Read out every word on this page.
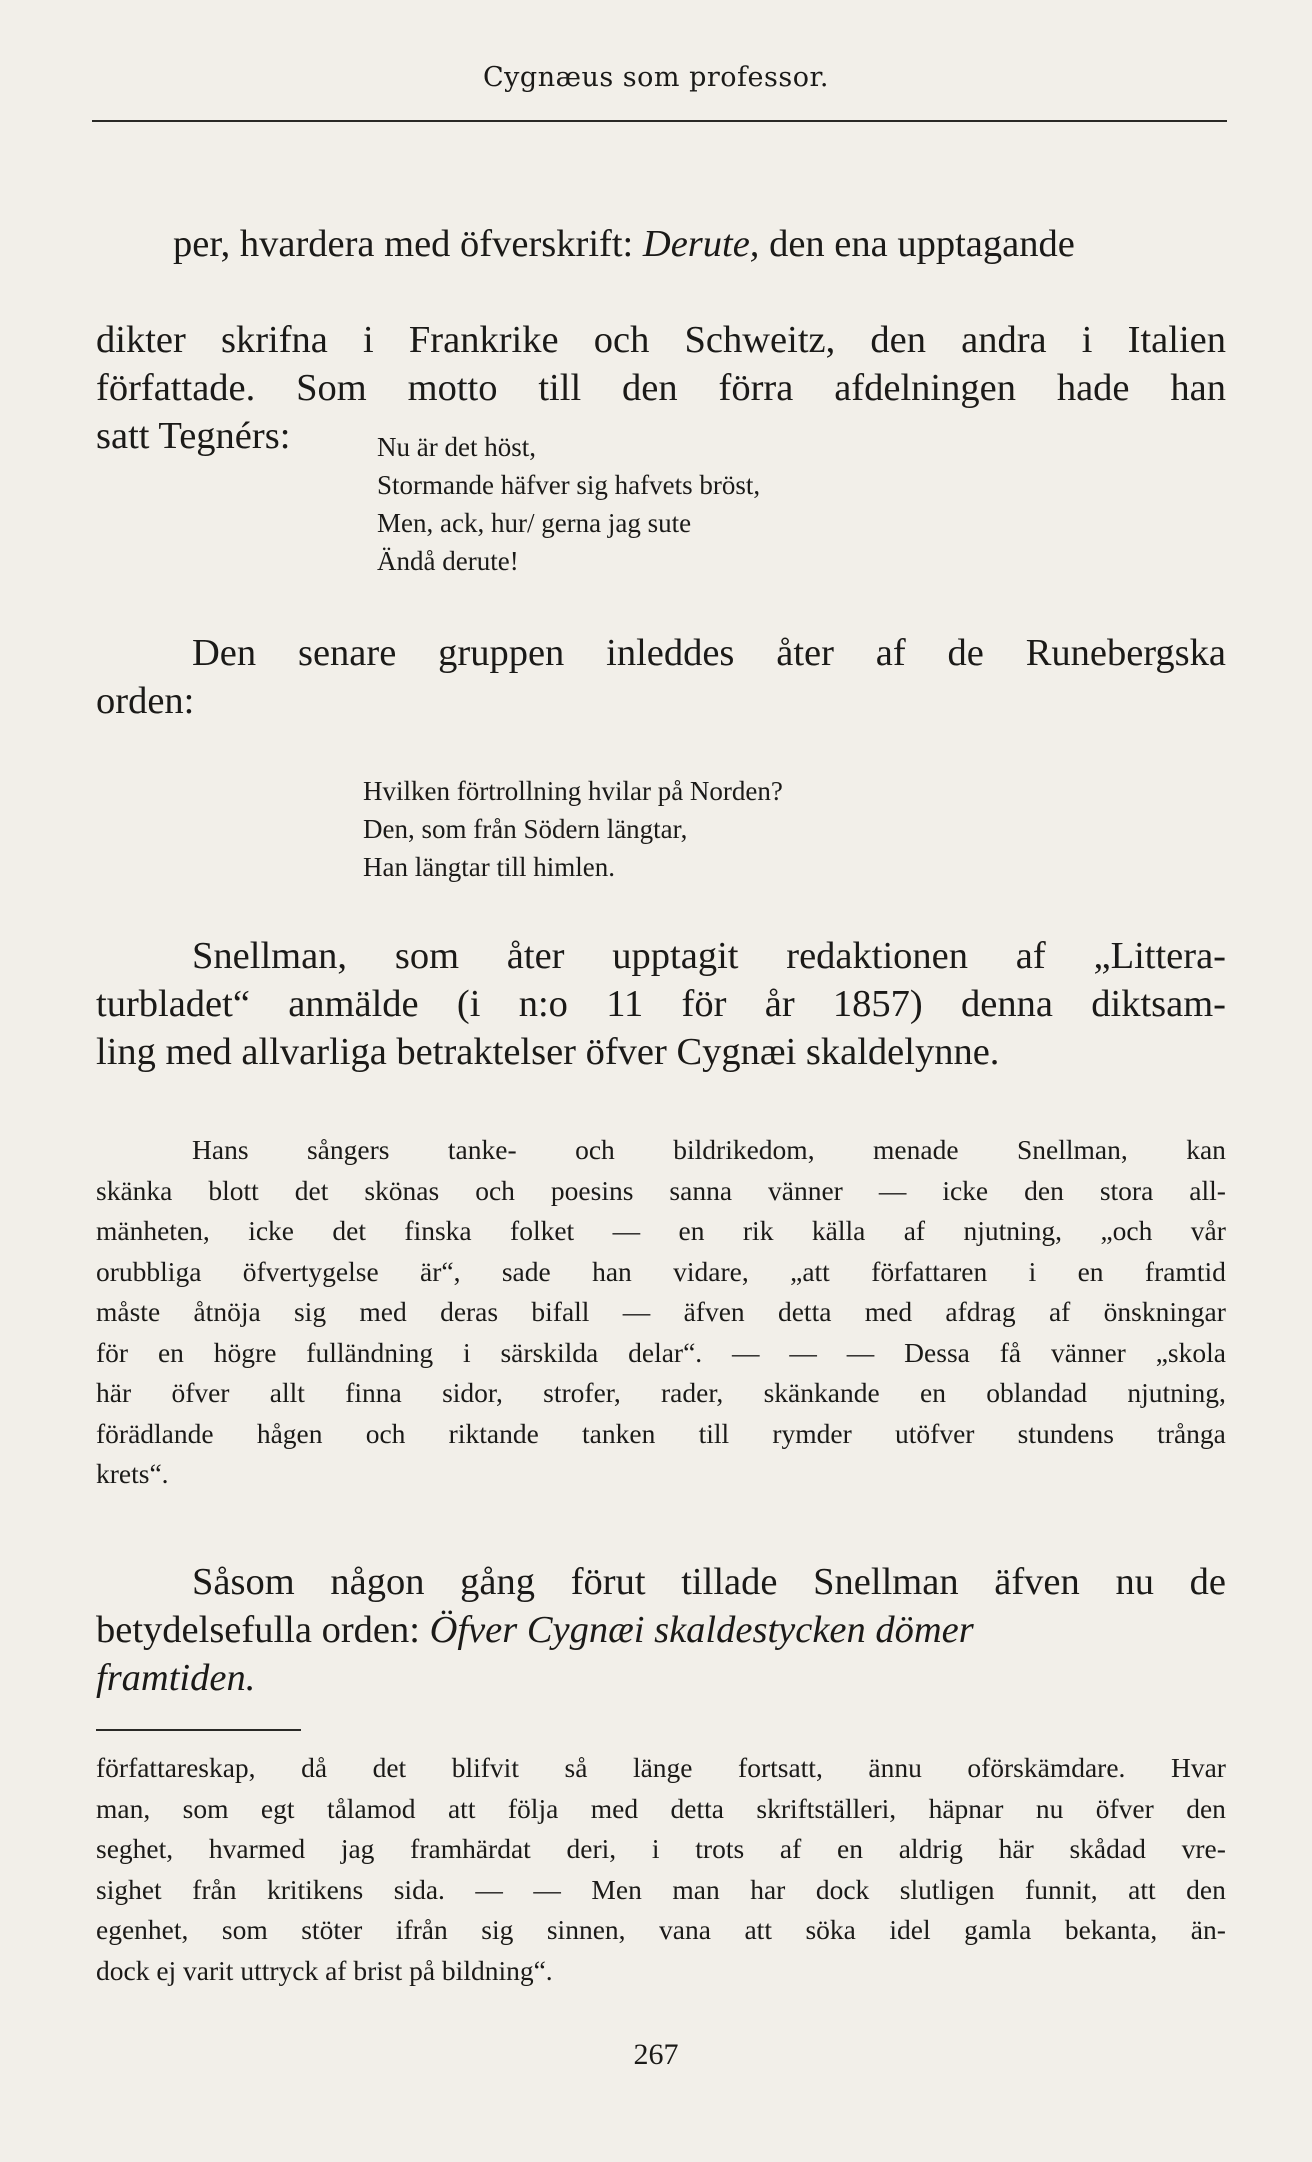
Cygnæus som professor.

per, hvardera med öfverskrift: Derute, den ena upptagande

dikter skrifna i Frankrike och Schweitz, den andra i Italien
författade. Som motto till den förra afdelningen hade han
satt Tegnérs:	Nu är det höst,
Stormande häfver sig hafvets bröst,
Men, ack, hur/ gerna jag sute
Ändå derute!
Den senare gruppen inleddes åter af de Runebergska
orden:
Hvilken förtrollning hvilar på Norden?
Den, som från Södern längtar,
Han längtar till himlen.
Snellman, som åter upptagit redaktionen af „Littera-
turbladet“ anmälde (i n:o 11 för år 1857) denna diktsam-
ling med allvarliga betraktelser öfver Cygnæi skaldelynne.
Hans sångers tanke- och bildrikedom, menade Snellman, kan
skänka blott det skönas och poesins sanna vänner — icke den stora all-
mänheten, icke det finska folket — en rik källa af njutning, „och vår
orubbliga öfvertygelse är“, sade han vidare, „att författaren i en framtid
måste åtnöja sig med deras bifall — äfven detta med afdrag af önskningar
för en högre fulländning i särskilda delar“. — — — Dessa få vänner „skola
här öfver allt finna sidor, strofer, rader, skänkande en oblandad njutning,
förädlande hågen och riktande tanken till rymder utöfver stundens trånga
krets“.
Såsom någon gång förut tillade Snellman äfven nu de
betydelsefulla orden: Öfver Cygnæi skaldestycken dömer
framtiden.
författareskap, då det blifvit så länge fortsatt, ännu oförskämdare. Hvar
man, som egt tålamod att följa med detta skriftställeri, häpnar nu öfver den
seghet, hvarmed jag framhärdat deri, i trots af en aldrig här skådad vre-
sighet från kritikens sida. — — Men man har dock slutligen funnit, att den
egenhet, som stöter ifrån sig sinnen, vana att söka idel gamla bekanta, än-
dock ej varit uttryck af brist på bildning“.
267
